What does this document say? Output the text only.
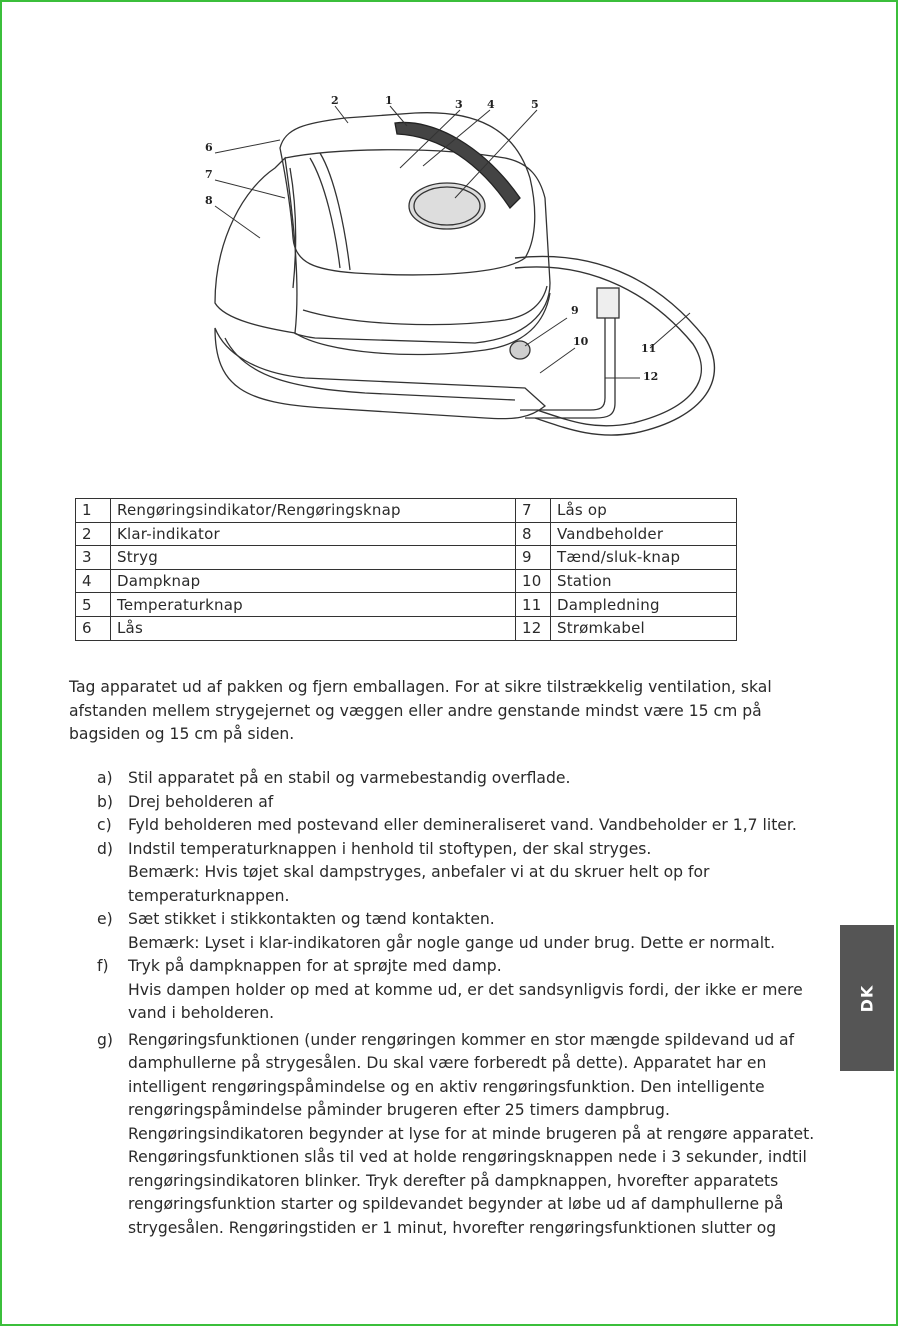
2	1	3 4	5
6
7
8
9
10
11
12
1	Rengøringsindikator/Rengøringsknap	7	Lås op
2	Klar-indikator	8	Vandbeholder
3	Stryg	9	Tænd/sluk-knap
4	Dampknap	10	Station
5	Temperaturknap	11	Dampledning
6	Lås	12	Strømkabel

Tag apparatet ud af pakken og fjern emballagen. For at sikre tilstrækkelig ventilation, skal afstanden mellem strygejernet og væggen eller andre genstande mindst være 15 cm på bagsiden og 15 cm på siden.

a) Stil apparatet på en stabil og varmebestandig overflade.
b) Drej beholderen af
c) Fyld beholderen med postevand eller demineraliseret vand. Vandbeholder er 1,7 liter.
d) Indstil temperaturknappen i henhold til stoftypen, der skal stryges.
Bemærk: Hvis tøjet skal dampstryges, anbefaler vi at du skruer helt op for temperaturknappen.
e) Sæt stikket i stikkontakten og tænd kontakten.
Bemærk: Lyset i klar-indikatoren går nogle gange ud under brug. Dette er normalt.
f) Tryk på dampknappen for at sprøjte med damp.
Hvis dampen holder op med at komme ud, er det sandsynligvis fordi, der ikke er mere vand i beholderen.
g) Rengøringsfunktionen (under rengøringen kommer en stor mængde spildevand ud af damphullerne på strygesålen. Du skal være forberedt på dette). Apparatet har en intelligent rengøringspåmindelse og en aktiv rengøringsfunktion. Den intelligente rengøringspåmindelse påminder brugeren efter 25 timers dampbrug.
Rengøringsindikatoren begynder at lyse for at minde brugeren på at rengøre apparatet. Rengøringsfunktionen slås til ved at holde rengøringsknappen nede i 3 sekunder, indtil rengøringsindikatoren blinker. Tryk derefter på dampknappen, hvorefter apparatets rengøringsfunktion starter og spildevandet begynder at løbe ud af damphullerne på strygesålen. Rengøringstiden er 1 minut, hvorefter rengøringsfunktionen slutter og
DK
